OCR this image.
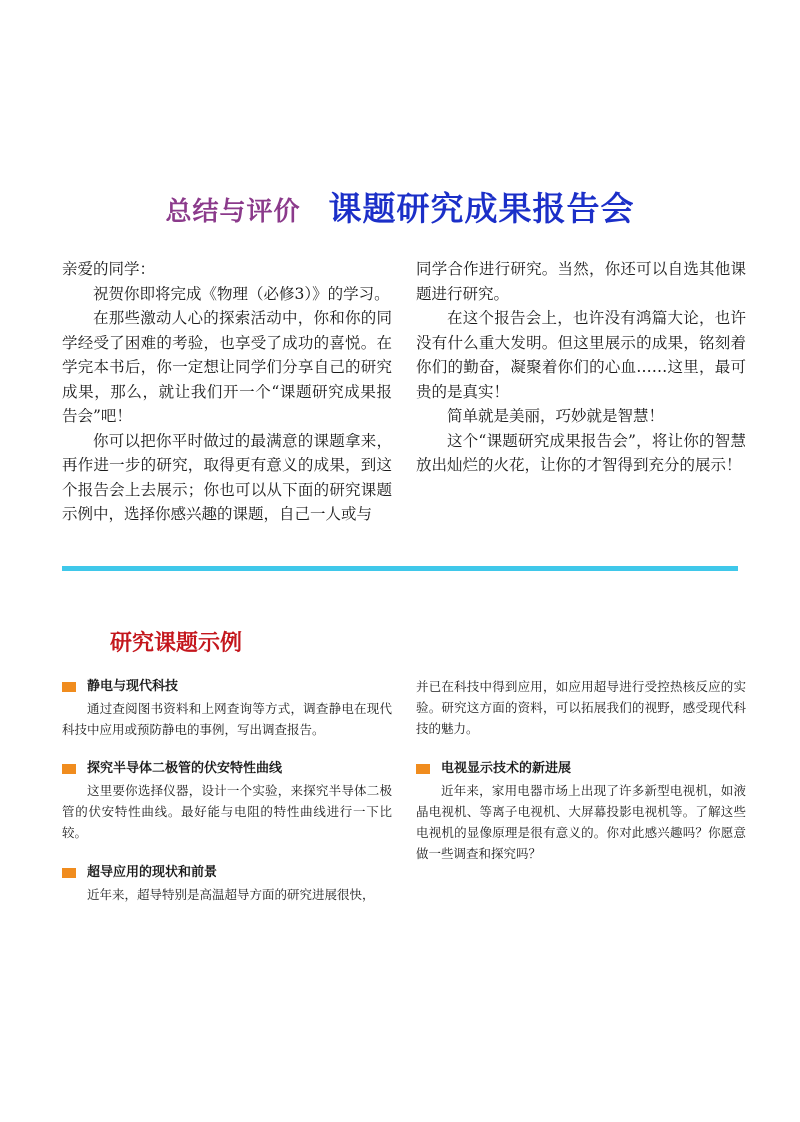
总结与评价 课题研究成果报告会

亲爱的同学：

祝贺你即将完成《物理（必修3）》的学习。

在那些激动人心的探索活动中，你和你的同学经受了困难的考验，也享受了成功的喜悦。在学完本书后，你一定想让同学们分享自己的研究成果，那么，就让我们开一个“课题研究成果报告会”吧！

你可以把你平时做过的最满意的课题拿来，再作进一步的研究，取得更有意义的成果，到这个报告会上去展示；你也可以从下面的研究课题示例中，选择你感兴趣的课题，自己一人或与

同学合作进行研究。当然，你还可以自选其他课题进行研究。

在这个报告会上，也许没有鸿篇大论，也许没有什么重大发明。但这里展示的成果，铭刻着你们的勤奋，凝聚着你们的心血……这里，最可贵的是真实！

简单就是美丽，巧妙就是智慧！

这个“课题研究成果报告会”，将让你的智慧放出灿烂的火花，让你的才智得到充分的展示！

研究课题示例
静电与现代科技

通过查阅图书资料和上网查询等方式，调查静电在现代科技中应用或预防静电的事例，写出调查报告。

探究半导体二极管的伏安特性曲线

这里要你选择仪器，设计一个实验，来探究半导体二极管的伏安特性曲线。最好能与电阻的特性曲线进行一下比较。

超导应用的现状和前景

近年来，超导特别是高温超导方面的研究进展很快，

并已在科技中得到应用，如应用超导进行受控热核反应的实验。研究这方面的资料，可以拓展我们的视野，感受现代科技的魅力。

电视显示技术的新进展

近年来，家用电器市场上出现了许多新型电视机，如液晶电视机、等离子电视机、大屏幕投影电视机等。了解这些电视机的显像原理是很有意义的。你对此感兴趣吗？你愿意做一些调查和探究吗？
